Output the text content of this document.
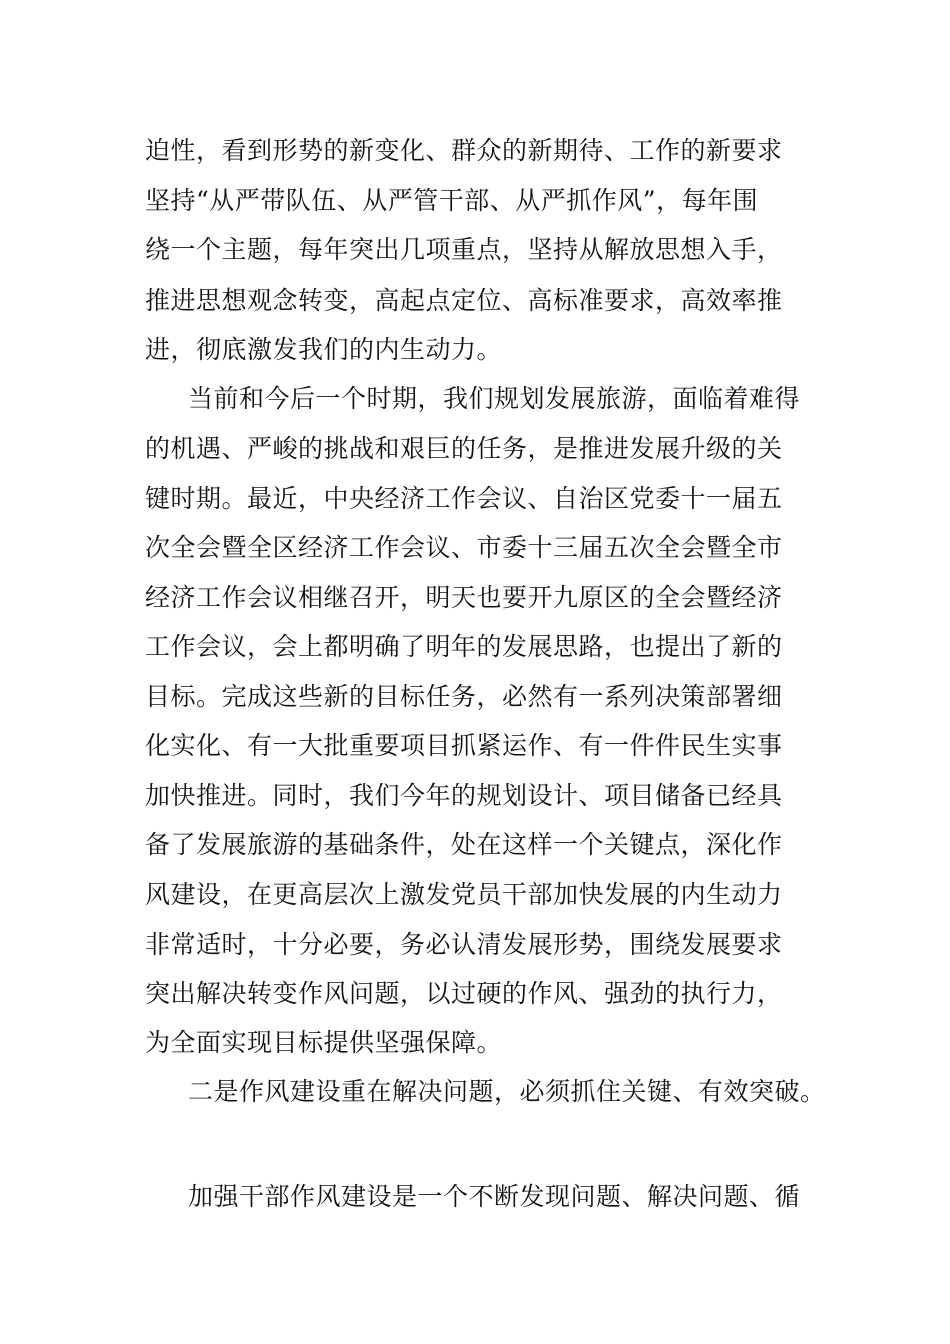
迫性，看到形势的新变化、群众的新期待、工作的新要求
坚持“从严带队伍、从严管干部、从严抓作风”，每年围
绕一个主题，每年突出几项重点，坚持从解放思想入手，
推进思想观念转变，高起点定位、高标准要求，高效率推
进，彻底激发我们的内生动力。
当前和今后一个时期，我们规划发展旅游，面临着难得
的机遇、严峻的挑战和艰巨的任务，是推进发展升级的关
键时期。最近，中央经济工作会议、自治区党委十一届五
次全会暨全区经济工作会议、市委十三届五次全会暨全市
经济工作会议相继召开，明天也要开九原区的全会暨经济
工作会议，会上都明确了明年的发展思路，也提出了新的
目标。完成这些新的目标任务，必然有一系列决策部署细
化实化、有一大批重要项目抓紧运作、有一件件民生实事
加快推进。同时，我们今年的规划设计、项目储备已经具
备了发展旅游的基础条件，处在这样一个关键点，深化作
风建设，在更高层次上激发党员干部加快发展的内生动力
非常适时，十分必要，务必认清发展形势，围绕发展要求
突出解决转变作风问题，以过硬的作风、强劲的执行力，
为全面实现目标提供坚强保障。
二是作风建设重在解决问题，必须抓住关键、有效突破。
加强干部作风建设是一个不断发现问题、解决问题、循
